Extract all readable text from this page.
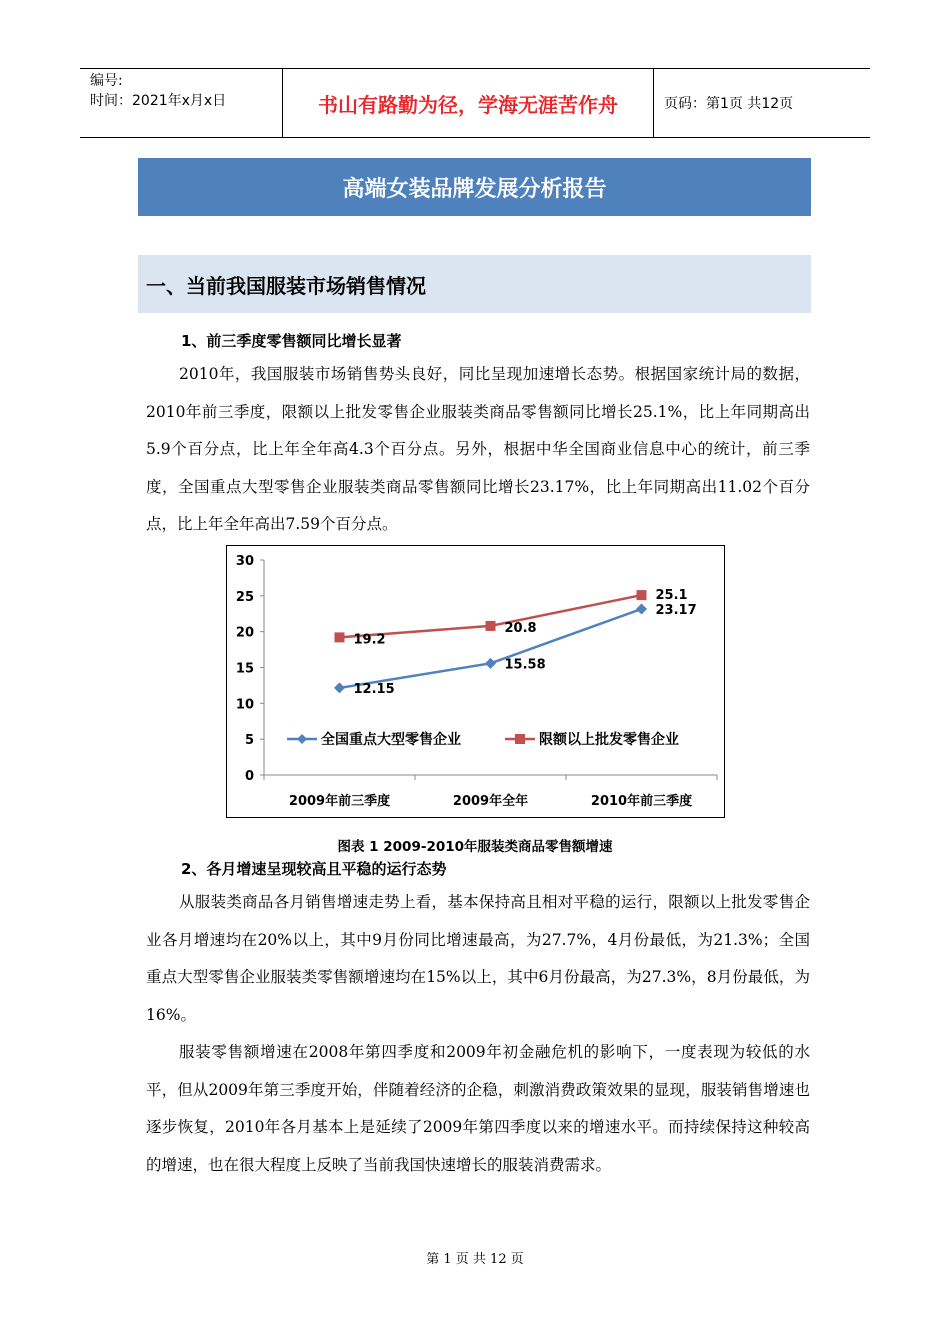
编号:
时间：2021年x月x日	书山有路勤为径，学海无涯苦作舟	页码：第1页 共12页
高端女装品牌发展分析报告
一、当前我国服装市场销售情况
1、前三季度零售额同比增长显著

2010年，我国服装市场销售势头良好，同比呈现加速增长态势。根据国家统计局的数据，2010年前三季度，限额以上批发零售企业服装类商品零售额同比增长25.1%，比上年同期高出5.9个百分点，比上年全年高4.3个百分点。另外，根据中华全国商业信息中心的统计，前三季度，全国重点大型零售企业服装类商品零售额同比增长23.17%，比上年同期高出11.02个百分点，比上年全年高出7.59个百分点。

0
5
10
15
20
25
30
2009年前三季度	2009年全年	2010年前三季度
12.15
15.58
23.17
19.2
20.8
25.1
全国重点大型零售企业	限额以上批发零售企业
图表 1 2009-2010年服装类商品零售额增速
2、各月增速呈现较高且平稳的运行态势

从服装类商品各月销售增速走势上看，基本保持高且相对平稳的运行，限额以上批发零售企业各月增速均在20%以上，其中9月份同比增速最高，为27.7%，4月份最低，为21.3%；全国重点大型零售企业服装类零售额增速均在15%以上，其中6月份最高，为27.3%，8月份最低，为16%。

服装零售额增速在2008年第四季度和2009年初金融危机的影响下，一度表现为较低的水平，但从2009年第三季度开始，伴随着经济的企稳，刺激消费政策效果的显现，服装销售增速也逐步恢复，2010年各月基本上是延续了2009年第四季度以来的增速水平。而持续保持这种较高的增速，也在很大程度上反映了当前我国快速增长的服装消费需求。

第 1 页 共 12 页
